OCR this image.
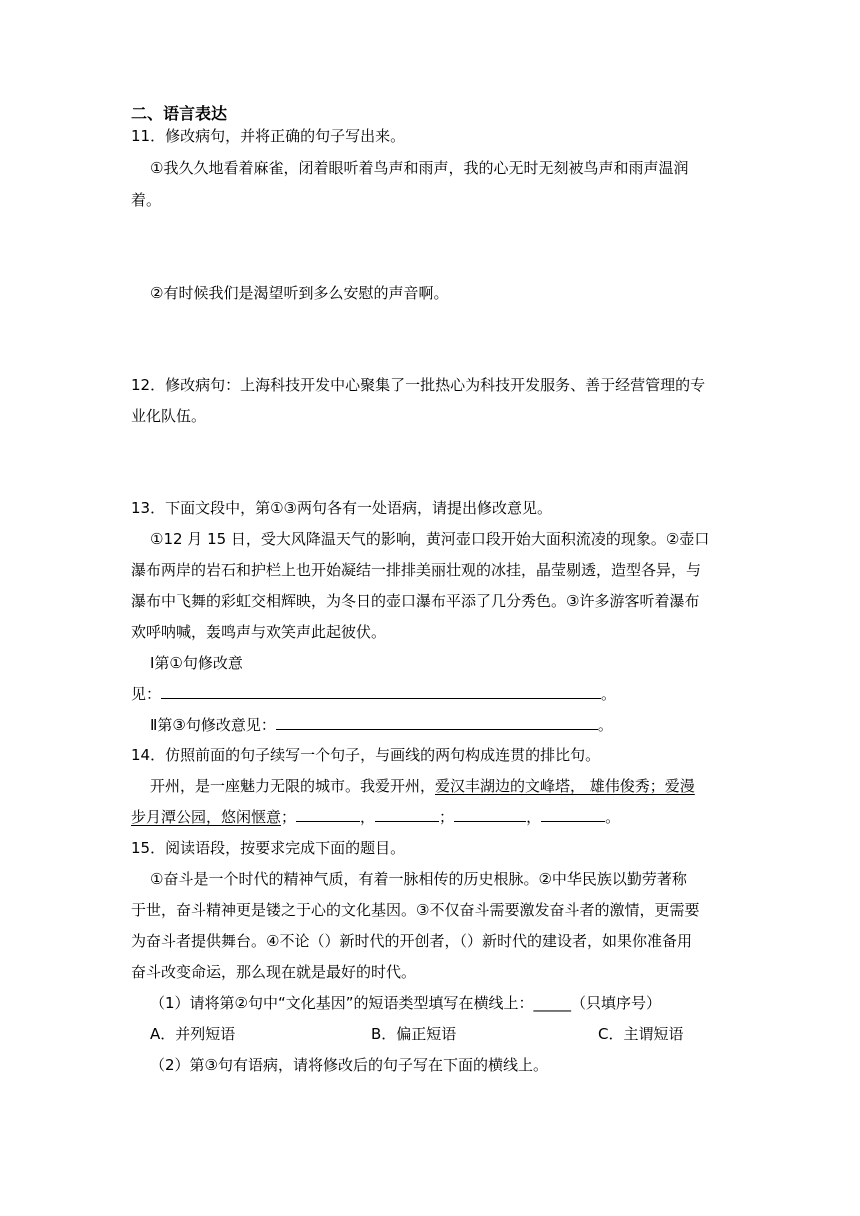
二、语言表达
11．修改病句，并将正确的句子写出来。
①我久久地看着麻雀，闭着眼听着鸟声和雨声，我的心无时无刻被鸟声和雨声温润
着。
②有时候我们是渴望听到多么安慰的声音啊。
12．修改病句：上海科技开发中心聚集了一批热心为科技开发服务、善于经营管理的专
业化队伍。
13．下面文段中，第①③两句各有一处语病，请提出修改意见。
①12 月 15 日，受大风降温天气的影响，黄河壶口段开始大面积流凌的现象。②壶口
瀑布两岸的岩石和护栏上也开始凝结一排排美丽壮观的冰挂，晶莹剔透，造型各异，与
瀑布中飞舞的彩虹交相辉映，为冬日的壶口瀑布平添了几分秀色。③许多游客听着瀑布
欢呼呐喊，轰鸣声与欢笑声此起彼伏。
Ⅰ第①句修改意
见：	。
Ⅱ第③句修改意见：	。
14．仿照前面的句子续写一个句子，与画线的两句构成连贯的排比句。
开州，是一座魅力无限的城市。我爱开州，爱汉丰湖边的文峰塔， 雄伟俊秀；爱漫
步月潭公园，悠闲惬意；	，	；	，	。
15．阅读语段，按要求完成下面的题目。
①奋斗是一个时代的精神气质，有着一脉相传的历史根脉。②中华民族以勤劳著称
于世，奋斗精神更是镂之于心的文化基因。③不仅奋斗需要激发奋斗者的激情，更需要
为奋斗者提供舞台。④不论（）新时代的开创者，（）新时代的建设者，如果你准备用
奋斗改变命运，那么现在就是最好的时代。
（1）请将第②句中“文化基因”的短语类型填写在横线上：_____（只填序号）
A．并列短语	B．偏正短语	C．主谓短语
（2）第③句有语病，请将修改后的句子写在下面的横线上。
